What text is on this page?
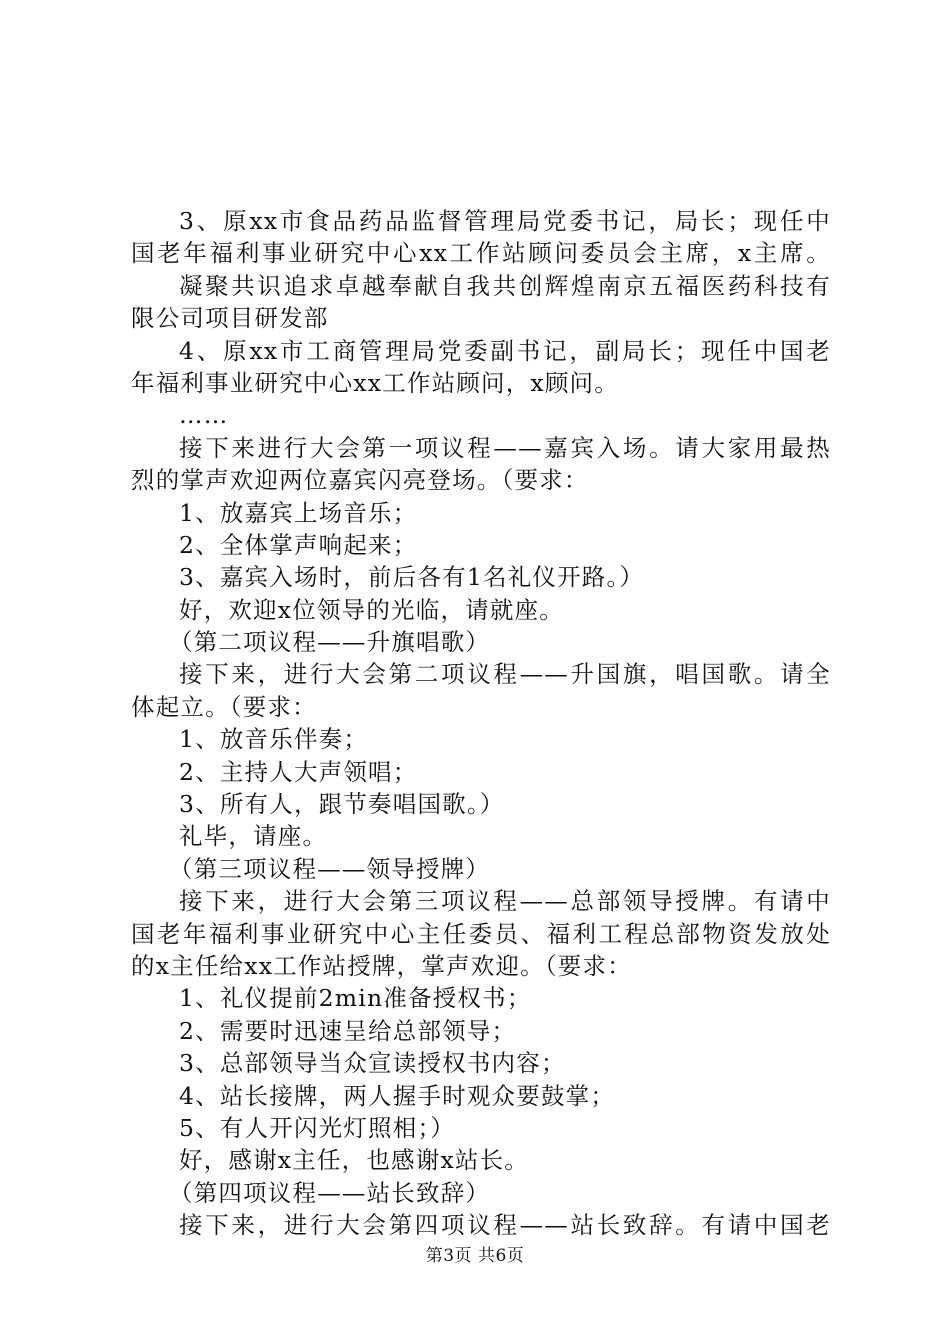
3、原xx市食品药品监督管理局党委书记，局长；现任中
国老年福利事业研究中心xx工作站顾问委员会主席，x主席。
凝聚共识追求卓越奉献自我共创辉煌南京五福医药科技有
限公司项目研发部
4、原xx市工商管理局党委副书记，副局长；现任中国老
年福利事业研究中心xx工作站顾问，x顾问。
……
接下来进行大会第一项议程——嘉宾入场。请大家用最热
烈的掌声欢迎两位嘉宾闪亮登场。（要求：
1、放嘉宾上场音乐；
2、全体掌声响起来；
3、嘉宾入场时，前后各有1名礼仪开路。）
好，欢迎x位领导的光临，请就座。
（第二项议程——升旗唱歌）
接下来，进行大会第二项议程——升国旗，唱国歌。请全
体起立。（要求：
1、放音乐伴奏；
2、主持人大声领唱；
3、所有人，跟节奏唱国歌。）
礼毕，请座。
（第三项议程——领导授牌）
接下来，进行大会第三项议程——总部领导授牌。有请中
国老年福利事业研究中心主任委员、福利工程总部物资发放处
的x主任给xx工作站授牌，掌声欢迎。（要求：
1、礼仪提前2min准备授权书；
2、需要时迅速呈给总部领导；
3、总部领导当众宣读授权书内容；
4、站长接牌，两人握手时观众要鼓掌；
5、有人开闪光灯照相；）
好，感谢x主任，也感谢x站长。
（第四项议程——站长致辞）
接下来，进行大会第四项议程——站长致辞。有请中国老
第3页 共6页
